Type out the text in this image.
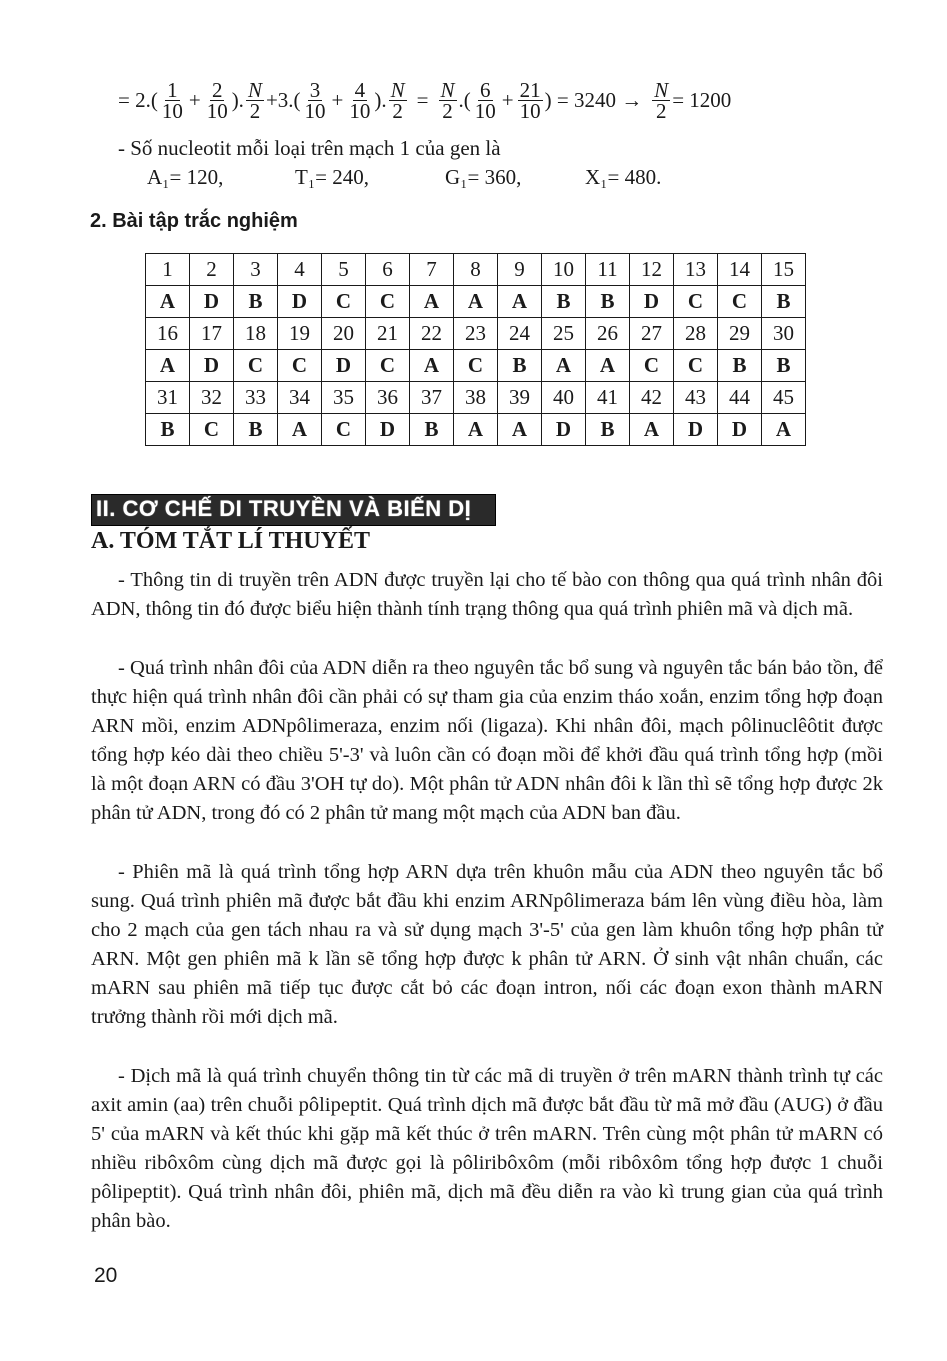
= $2.( \frac{1}{10} + \frac{2}{10}$ ). $\frac{N}{2} +3.( \frac{3}{10} + \frac{4}{10}$ ). $\frac{N}{2} = \frac{N}{2}$ .( $\frac{6}{10} + \frac{21}{10}$ ) = $3240 \to \frac{N}{2} = 1200$
- Số nucleotit mỗi loại trên mạch 1 của gen là
A₁= 120,	T₁= 240,	G₁= 360,	X₁= 480.
2. Bài tập trắc nghiệm
1	2	3	4	5	6	7	8	9	10	11	12	13	14	15
A	D	B	D	C	C	A	A	A	B	B	D	C	C	B
16	17	18	19	20	21	22	23	24	25	26	27	28	29	30
A	D	C	C	D	C	A	C	B	A	A	C	C	B	B
31	32	33	34	35	36	37	38	39	40	41	42	43	44	45
B	C	B	A	C	D	B	A	A	D	B	A	D	D	A
II. CƠ CHẾ DI TRUYỀN VÀ BIẾN DỊ
A. TÓM TẮT LÍ THUYẾT
- Thông tin di truyền trên ADN được truyền lại cho tế bào con thông qua quá trình nhân đôi ADN, thông tin đó được biểu hiện thành tính trạng thông qua quá trình phiên mã và dịch mã.
- Quá trình nhân đôi của ADN diễn ra theo nguyên tắc bổ sung và nguyên tắc bán bảo tồn, để thực hiện quá trình nhân đôi cần phải có sự tham gia của enzim tháo xoắn, enzim tổng hợp đoạn ARN mồi, enzim ADNpôlimeraza, enzim nối (ligaza). Khi nhân đôi, mạch pôlinuclêôtit được tổng hợp kéo dài theo chiều 5'-3' và luôn cần có đoạn mồi để khởi đầu quá trình tổng hợp (mồi là một đoạn ARN có đầu 3'OH tự do). Một phân tử ADN nhân đôi k lần thì sẽ tổng hợp được 2k phân tử ADN, trong đó có 2 phân tử mang một mạch của ADN ban đầu.
- Phiên mã là quá trình tổng hợp ARN dựa trên khuôn mẫu của ADN theo nguyên tắc bổ sung. Quá trình phiên mã được bắt đầu khi enzim ARNpôlimeraza bám lên vùng điều hòa, làm cho 2 mạch của gen tách nhau ra và sử dụng mạch 3'-5' của gen làm khuôn tổng hợp phân tử ARN. Một gen phiên mã k lần sẽ tổng hợp được k phân tử ARN. Ở sinh vật nhân chuẩn, các mARN sau phiên mã tiếp tục được cắt bỏ các đoạn intron, nối các đoạn exon thành mARN trưởng thành rồi mới dịch mã.
- Dịch mã là quá trình chuyển thông tin từ các mã di truyền ở trên mARN thành trình tự các axit amin (aa) trên chuỗi pôlipeptit. Quá trình dịch mã được bắt đầu từ mã mở đầu (AUG) ở đầu 5' của mARN và kết thúc khi gặp mã kết thúc ở trên mARN. Trên cùng một phân tử mARN có nhiều ribôxôm cùng dịch mã được gọi là pôliribôxôm (mỗi ribôxôm tổng hợp được 1 chuỗi pôlipeptit). Quá trình nhân đôi, phiên mã, dịch mã đều diễn ra vào kì trung gian của quá trình phân bào.
20
